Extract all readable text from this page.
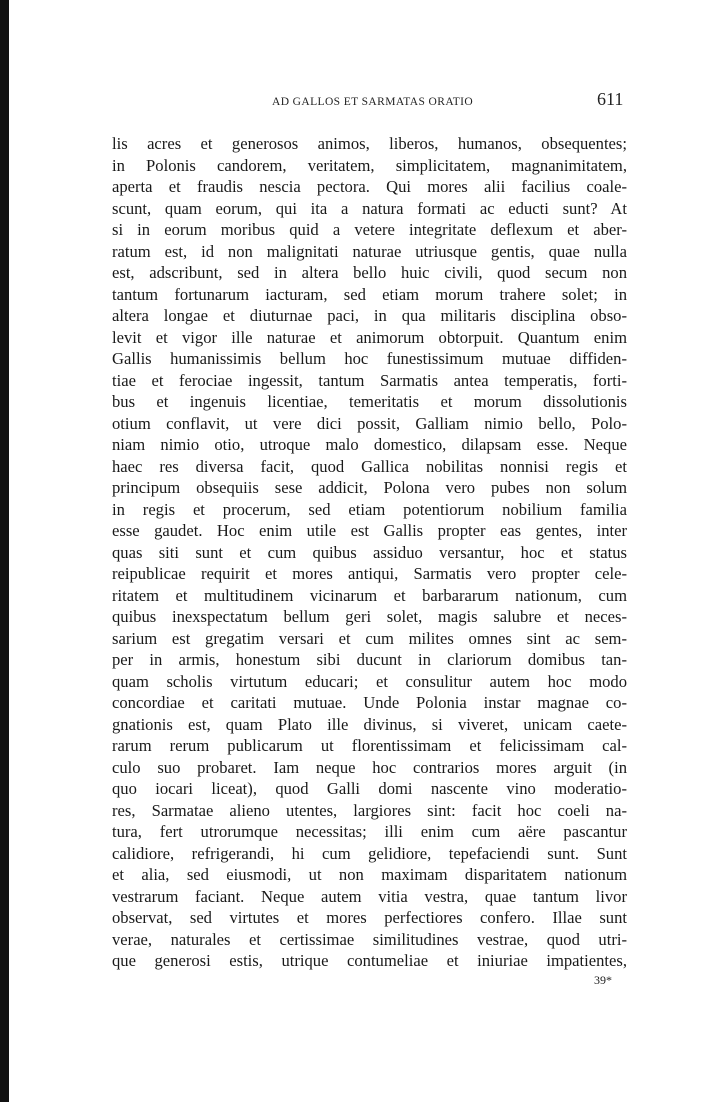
AD GALLOS ET SARMATAS ORATIO	611
lis acres et generosos animos, liberos, humanos, obsequentes;
in Polonis candorem, veritatem, simplicitatem, magnanimitatem,
aperta et fraudis nescia pectora. Qui mores alii facilius coale-
scunt, quam eorum, qui ita a natura formati ac educti sunt? At
si in eorum moribus quid a vetere integritate deflexum et aber-
ratum est, id non malignitati naturae utriusque gentis, quae nulla
est, adscribunt, sed in altera bello huic civili, quod secum non
tantum fortunarum iacturam, sed etiam morum trahere solet; in
altera longae et diuturnae paci, in qua militaris disciplina obso-
levit et vigor ille naturae et animorum obtorpuit. Quantum enim
Gallis humanissimis bellum hoc funestissimum mutuae diffiden-
tiae et ferociae ingessit, tantum Sarmatis antea temperatis, forti-
bus et ingenuis licentiae, temeritatis et morum dissolutionis
otium conflavit, ut vere dici possit, Galliam nimio bello, Polo-
niam nimio otio, utroque malo domestico, dilapsam esse. Neque
haec res diversa facit, quod Gallica nobilitas nonnisi regis et
principum obsequiis sese addicit, Polona vero pubes non solum
in regis et procerum, sed etiam potentiorum nobilium familia
esse gaudet. Hoc enim utile est Gallis propter eas gentes, inter
quas siti sunt et cum quibus assiduo versantur, hoc et status
reipublicae requirit et mores antiqui, Sarmatis vero propter cele-
ritatem et multitudinem vicinarum et barbararum nationum, cum
quibus inexspectatum bellum geri solet, magis salubre et neces-
sarium est gregatim versari et cum milites omnes sint ac sem-
per in armis, honestum sibi ducunt in clariorum domibus tan-
quam scholis virtutum educari; et consulitur autem hoc modo
concordiae et caritati mutuae. Unde Polonia instar magnae co-
gnationis est, quam Plato ille divinus, si viveret, unicam caete-
rarum rerum publicarum ut florentissimam et felicissimam cal-
culo suo probaret. Iam neque hoc contrarios mores arguit (in
quo iocari liceat), quod Galli domi nascente vino moderatio-
res, Sarmatae alieno utentes, largiores sint: facit hoc coeli na-
tura, fert utrorumque necessitas; illi enim cum aëre pascantur
calidiore, refrigerandi, hi cum gelidiore, tepefaciendi sunt. Sunt
et alia, sed eiusmodi, ut non maximam disparitatem nationum
vestrarum faciant. Neque autem vitia vestra, quae tantum livor
observat, sed virtutes et mores perfectiores confero. Illae sunt
verae, naturales et certissimae similitudines vestrae, quod utri-
que generosi estis, utrique contumeliae et iniuriae impatientes,
39*
